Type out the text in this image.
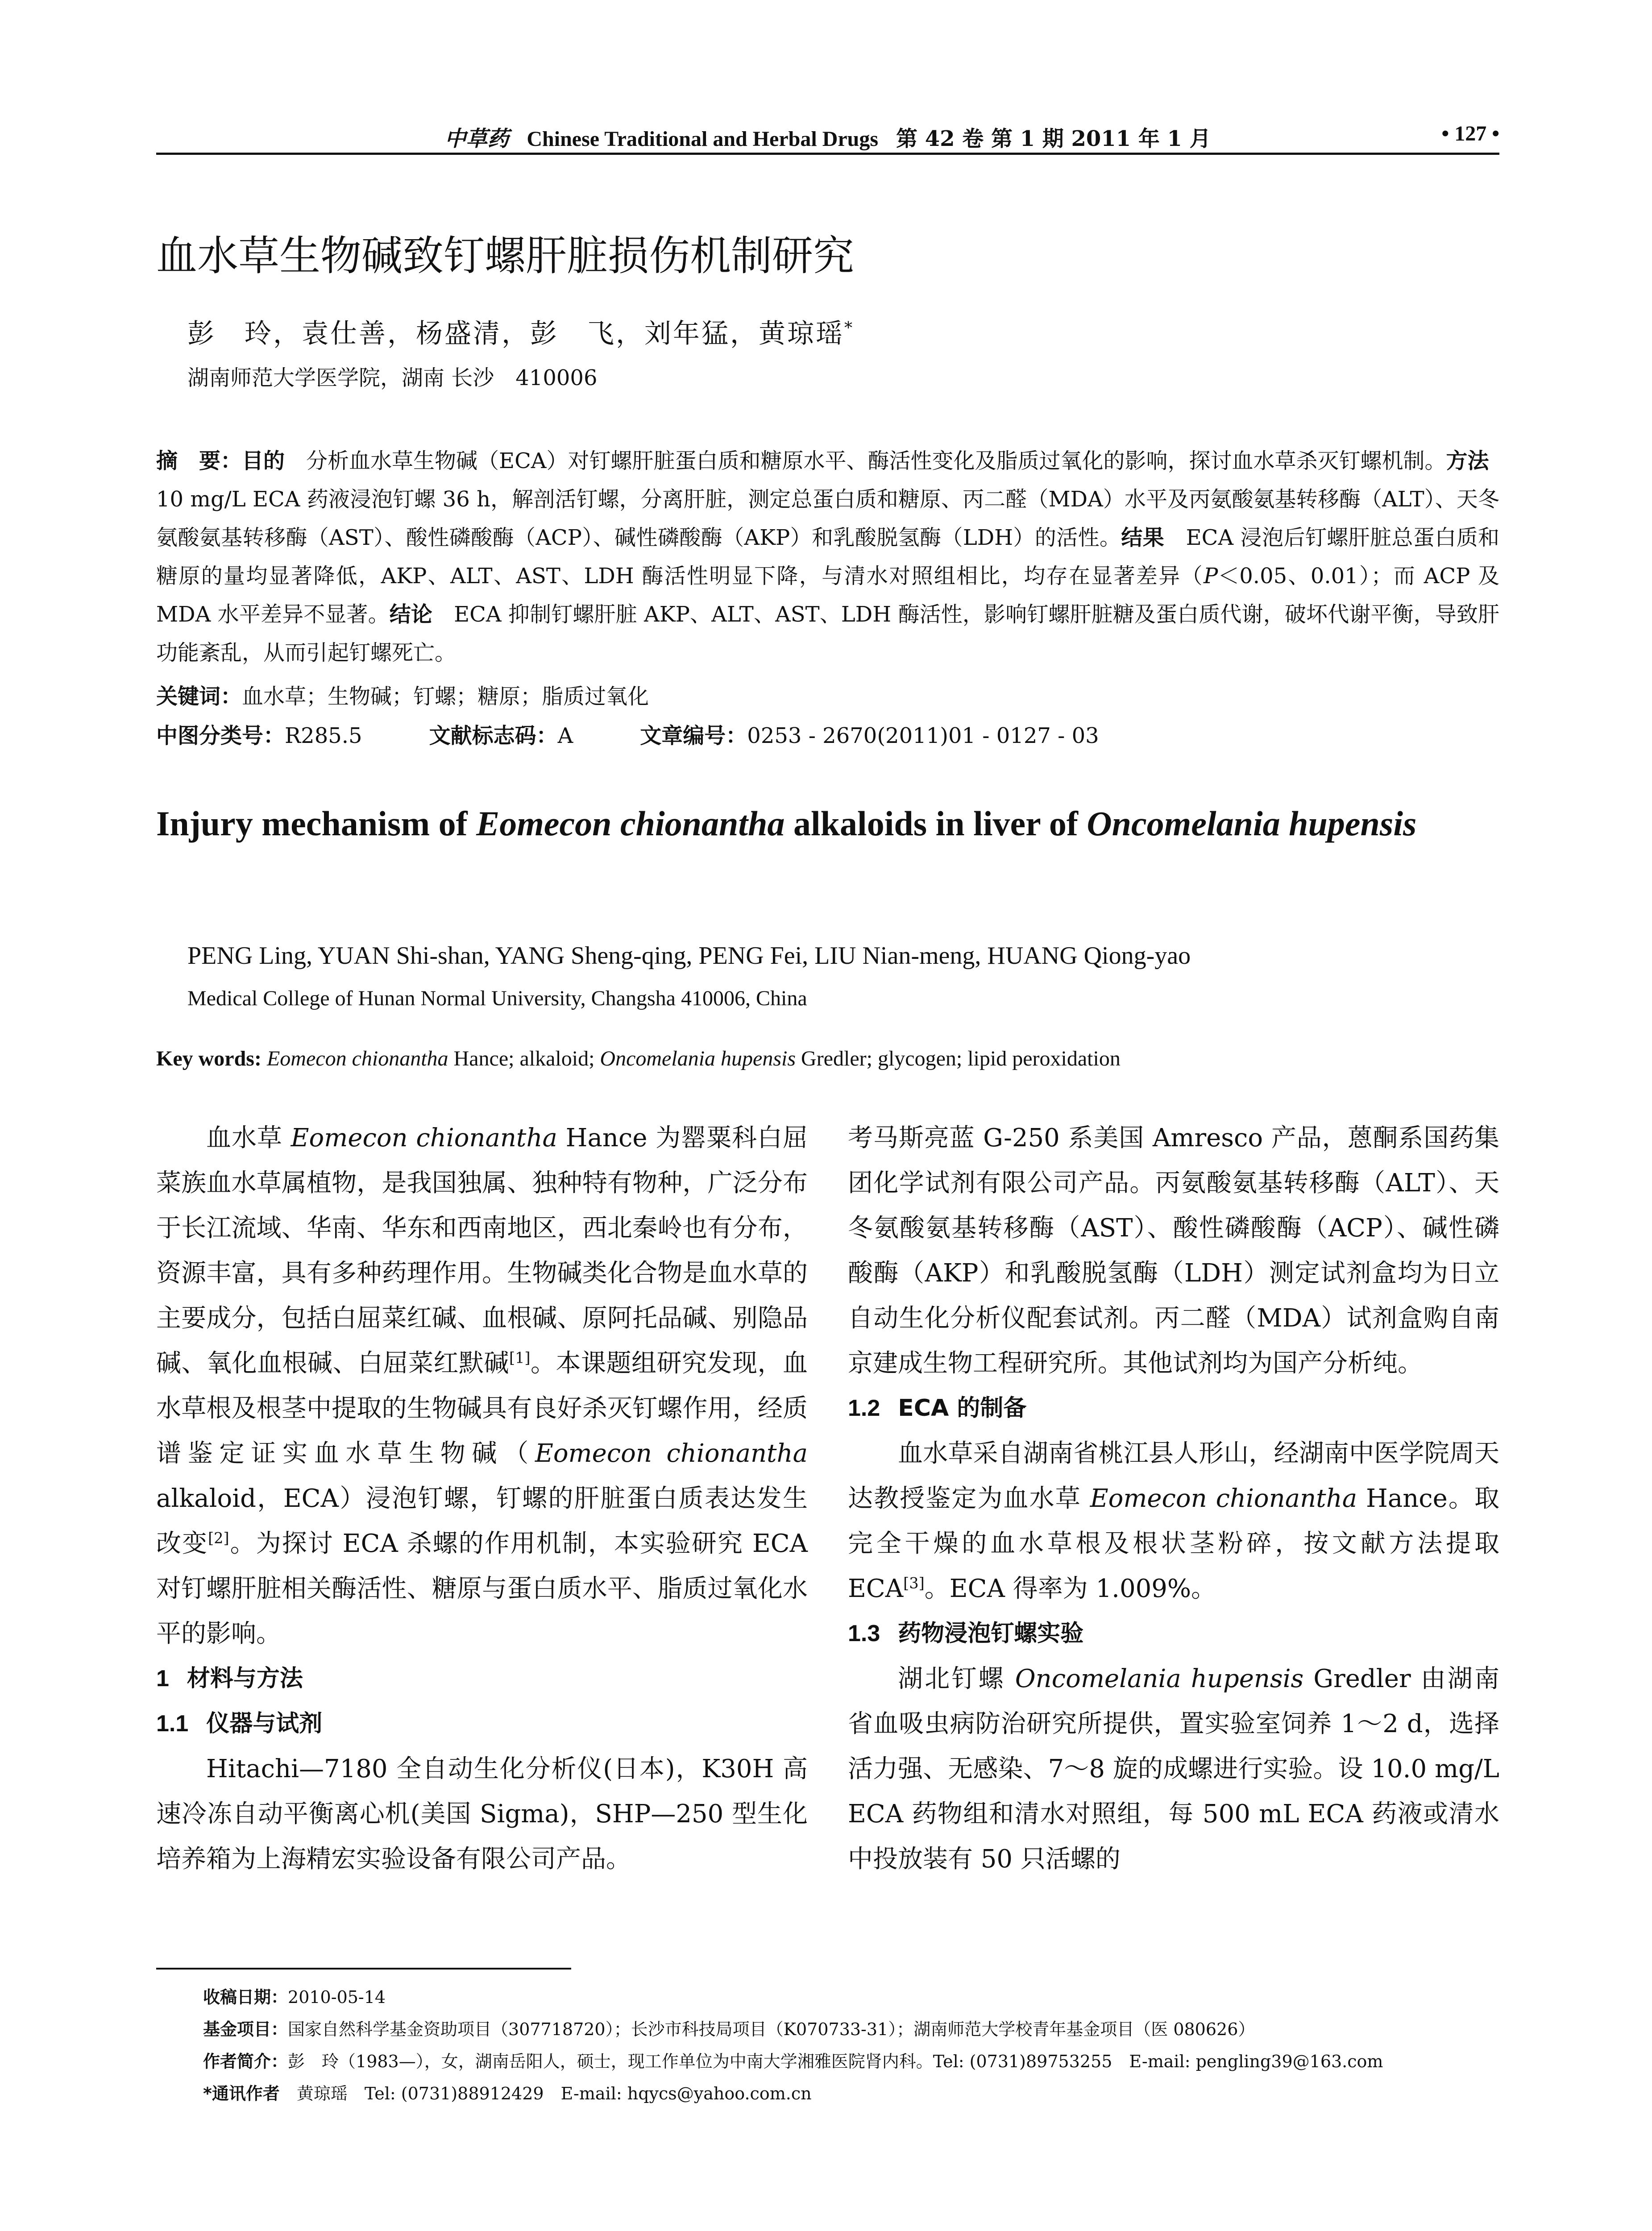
中草药 Chinese Traditional and Herbal Drugs 第 42 卷 第 1 期 2011 年 1 月	• 127 •
血水草生物碱致钉螺肝脏损伤机制研究
彭　玲，袁仕善，杨盛清，彭　飞，刘年猛，黄琼瑶*
湖南师范大学医学院，湖南 长沙　410006
摘　要：目的　分析血水草生物碱（ECA）对钉螺肝脏蛋白质和糖原水平、酶活性变化及脂质过氧化的影响，探讨血水草杀灭钉螺机制。方法　10 mg/L ECA 药液浸泡钉螺 36 h，解剖活钉螺，分离肝脏，测定总蛋白质和糖原、丙二醛（MDA）水平及丙氨酸氨基转移酶（ALT）、天冬氨酸氨基转移酶（AST）、酸性磷酸酶（ACP）、碱性磷酸酶（AKP）和乳酸脱氢酶（LDH）的活性。结果　ECA 浸泡后钉螺肝脏总蛋白质和糖原的量均显著降低，AKP、ALT、AST、LDH 酶活性明显下降，与清水对照组相比，均存在显著差异（P＜0.05、0.01）；而 ACP 及 MDA 水平差异不显著。结论　ECA 抑制钉螺肝脏 AKP、ALT、AST、LDH 酶活性，影响钉螺肝脏糖及蛋白质代谢，破坏代谢平衡，导致肝功能紊乱，从而引起钉螺死亡。
关键词：血水草；生物碱；钉螺；糖原；脂质过氧化
中图分类号：R285.5	文献标志码：A	文章编号：0253 - 2670(2011)01 - 0127 - 03
Injury mechanism of Eomecon chionantha alkaloids in liver of Oncomelania hupensis
PENG Ling, YUAN Shi-shan, YANG Sheng-qing, PENG Fei, LIU Nian-meng, HUANG Qiong-yao
Medical College of Hunan Normal University, Changsha 410006, China
Key words: Eomecon chionantha Hance; alkaloid; Oncomelania hupensis Gredler; glycogen; lipid peroxidation

血水草 Eomecon chionantha Hance 为罂粟科白屈菜族血水草属植物，是我国独属、独种特有物种，广泛分布于长江流域、华南、华东和西南地区，西北秦岭也有分布，资源丰富，具有多种药理作用。生物碱类化合物是血水草的主要成分，包括白屈菜红碱、血根碱、原阿托品碱、别隐品碱、氧化血根碱、白屈菜红默碱[1]。本课题组研究发现，血水草根及根茎中提取的生物碱具有良好杀灭钉螺作用，经质谱鉴定证实血水草生物碱（Eomecon chionantha alkaloid，ECA）浸泡钉螺，钉螺的肝脏蛋白质表达发生改变[2]。为探讨 ECA 杀螺的作用机制，本实验研究 ECA 对钉螺肝脏相关酶活性、糖原与蛋白质水平、脂质过氧化水平的影响。

1 材料与方法
1.1 仪器与试剂

Hitachi—7180 全自动生化分析仪(日本)，K30H 高速冷冻自动平衡离心机(美国 Sigma)，SHP—250 型生化培养箱为上海精宏实验设备有限公司产品。

考马斯亮蓝 G-250 系美国 Amresco 产品，蒽酮系国药集团化学试剂有限公司产品。丙氨酸氨基转移酶（ALT）、天冬氨酸氨基转移酶（AST）、酸性磷酸酶（ACP）、碱性磷酸酶（AKP）和乳酸脱氢酶（LDH）测定试剂盒均为日立自动生化分析仪配套试剂。丙二醛（MDA）试剂盒购自南京建成生物工程研究所。其他试剂均为国产分析纯。

1.2 ECA 的制备

血水草采自湖南省桃江县人形山，经湖南中医学院周天达教授鉴定为血水草 Eomecon chionantha Hance。取完全干燥的血水草根及根状茎粉碎，按文献方法提取 ECA[3]。ECA 得率为 1.009%。

1.3 药物浸泡钉螺实验

湖北钉螺 Oncomelania hupensis Gredler 由湖南省血吸虫病防治研究所提供，置实验室饲养 1～2 d，选择活力强、无感染、7～8 旋的成螺进行实验。设 10.0 mg/L ECA 药物组和清水对照组，每 500 mL ECA 药液或清水中投放装有 50 只活螺的

收稿日期：2010-05-14
基金项目：国家自然科学基金资助项目（307718720）；长沙市科技局项目（K070733-31）；湖南师范大学校青年基金项目（医 080626）
作者简介：彭　玲（1983—），女，湖南岳阳人，硕士，现工作单位为中南大学湘雅医院肾内科。Tel: (0731)89753255　E-mail: pengling39@163.com
*通讯作者　黄琼瑶　Tel: (0731)88912429　E-mail: hqycs@yahoo.com.cn
